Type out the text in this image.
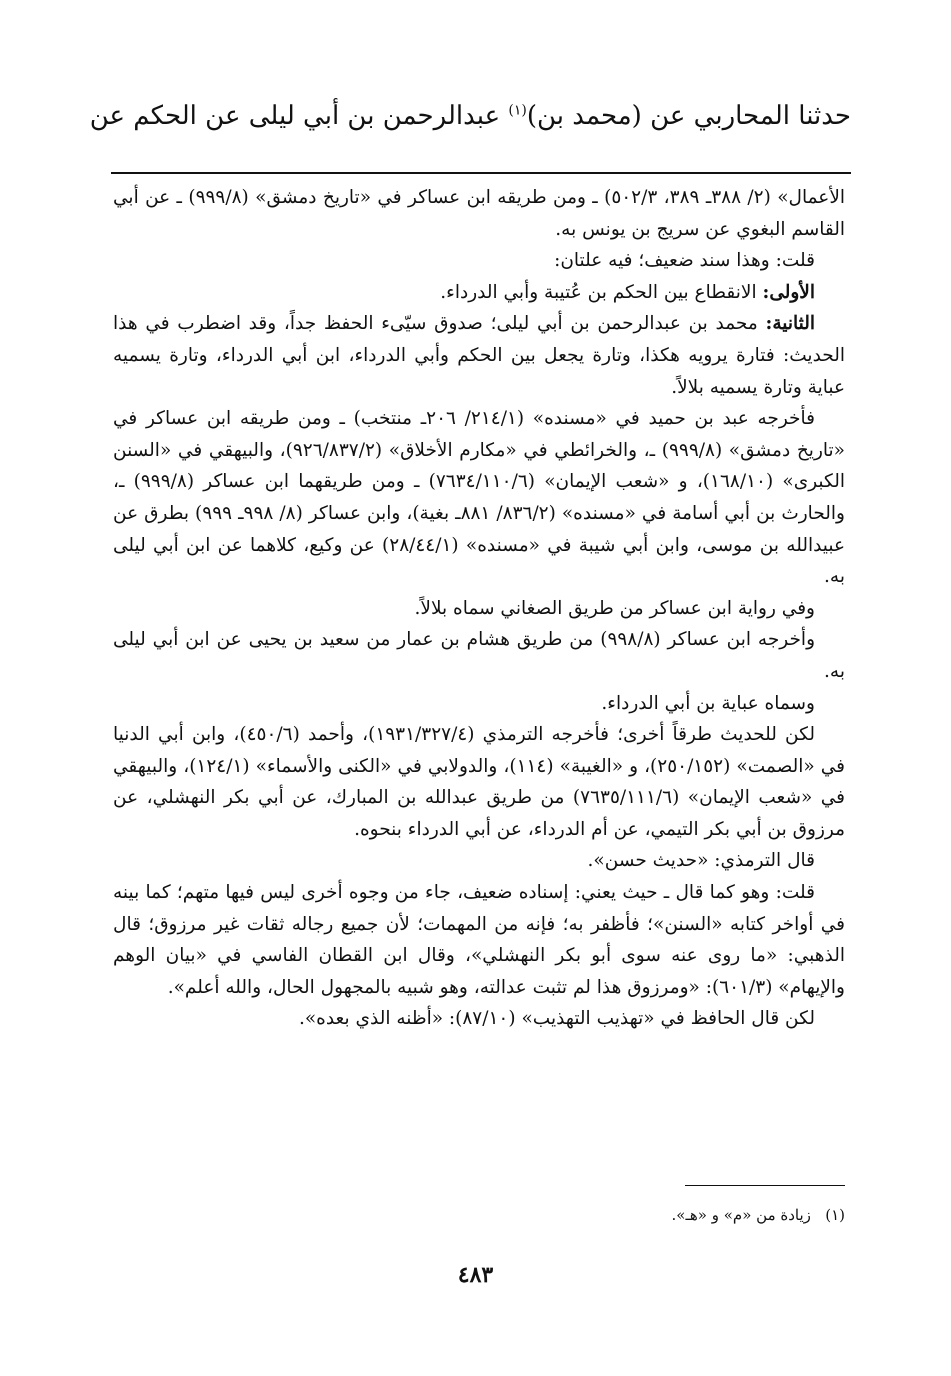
حدثنا المحاربي عن (محمد بن)$^{(١)}$ عبدالرحمن بن أبي ليلى عن الحكم عن

الأعمال» (٢/ ٣٨٨ـ ٣٨٩، ٥٠٢/٣) ـ ومن طريقه ابن عساكر في «تاريخ دمشق» (٩٩٩/٨) ـ عن أبي القاسم البغوي عن سريج بن يونس به.

قلت: وهذا سند ضعيف؛ فيه علتان:

الأولى: الانقطاع بين الحكم بن عُتيبة وأبي الدرداء.

الثانية: محمد بن عبدالرحمن بن أبي ليلى؛ صدوق سيّىء الحفظ جداً، وقد اضطرب في هذا الحديث: فتارة يرويه هكذا، وتارة يجعل بين الحكم وأبي الدرداء، ابن أبي الدرداء، وتارة يسميه عباية وتارة يسميه بلالاً.

فأخرجه عبد بن حميد في «مسنده» (٢١٤/١/ ٢٠٦ـ منتخب) ـ ومن طريقه ابن عساكر في «تاريخ دمشق» (٩٩٩/٨) ـ، والخرائطي في «مكارم الأخلاق» (٩٢٦/٨٣٧/٢)، والبيهقي في «السنن الكبرى» (١٦٨/١٠)، و «شعب الإيمان» (٧٦٣٤/١١٠/٦) ـ ومن طريقهما ابن عساكر (٩٩٩/٨) ـ، والحارث بن أبي أسامة في «مسنده» (٨٣٦/٢/ ٨٨١ـ بغية)، وابن عساكر (٨/ ٩٩٨ـ ٩٩٩) بطرق عن عبيدالله بن موسى، وابن أبي شيبة في «مسنده» (٢٨/٤٤/١) عن وكيع، كلاهما عن ابن أبي ليلى به.

وفي رواية ابن عساكر من طريق الصغاني سماه بلالاً.

وأخرجه ابن عساكر (٩٩٨/٨) من طريق هشام بن عمار من سعيد بن يحيى عن ابن أبي ليلى به.

وسماه عباية بن أبي الدرداء.

لكن للحديث طرقاً أخرى؛ فأخرجه الترمذي (١٩٣١/٣٢٧/٤)، وأحمد (٤٥٠/٦)، وابن أبي الدنيا في «الصمت» (٢٥٠/١٥٢)، و «الغيبة» (١١٤)، والدولابي في «الكنى والأسماء» (١٢٤/١)، والبيهقي في «شعب الإيمان» (٧٦٣٥/١١١/٦) من طريق عبدالله بن المبارك، عن أبي بكر النهشلي، عن مرزوق بن أبي بكر التيمي، عن أم الدرداء، عن أبي الدرداء بنحوه.

قال الترمذي: «حديث حسن».

قلت: وهو كما قال ـ حيث يعني: إسناده ضعيف، جاء من وجوه أخرى ليس فيها متهم؛ كما بينه في أواخر كتابه «السنن»؛ فأظفر به؛ فإنه من المهمات؛ لأن جميع رجاله ثقات غير مرزوق؛ قال الذهبي: «ما روى عنه سوى أبو بكر النهشلي»، وقال ابن القطان الفاسي في «بيان الوهم والإيهام» (٦٠١/٣): «ومرزوق هذا لم تثبت عدالته، وهو شبيه بالمجهول الحال، والله أعلم».

لكن قال الحافظ في «تهذيب التهذيب» (٨٧/١٠): «أظنه الذي بعده».

(١)   زيادة من «م» و «هـ».
٤٨٣
